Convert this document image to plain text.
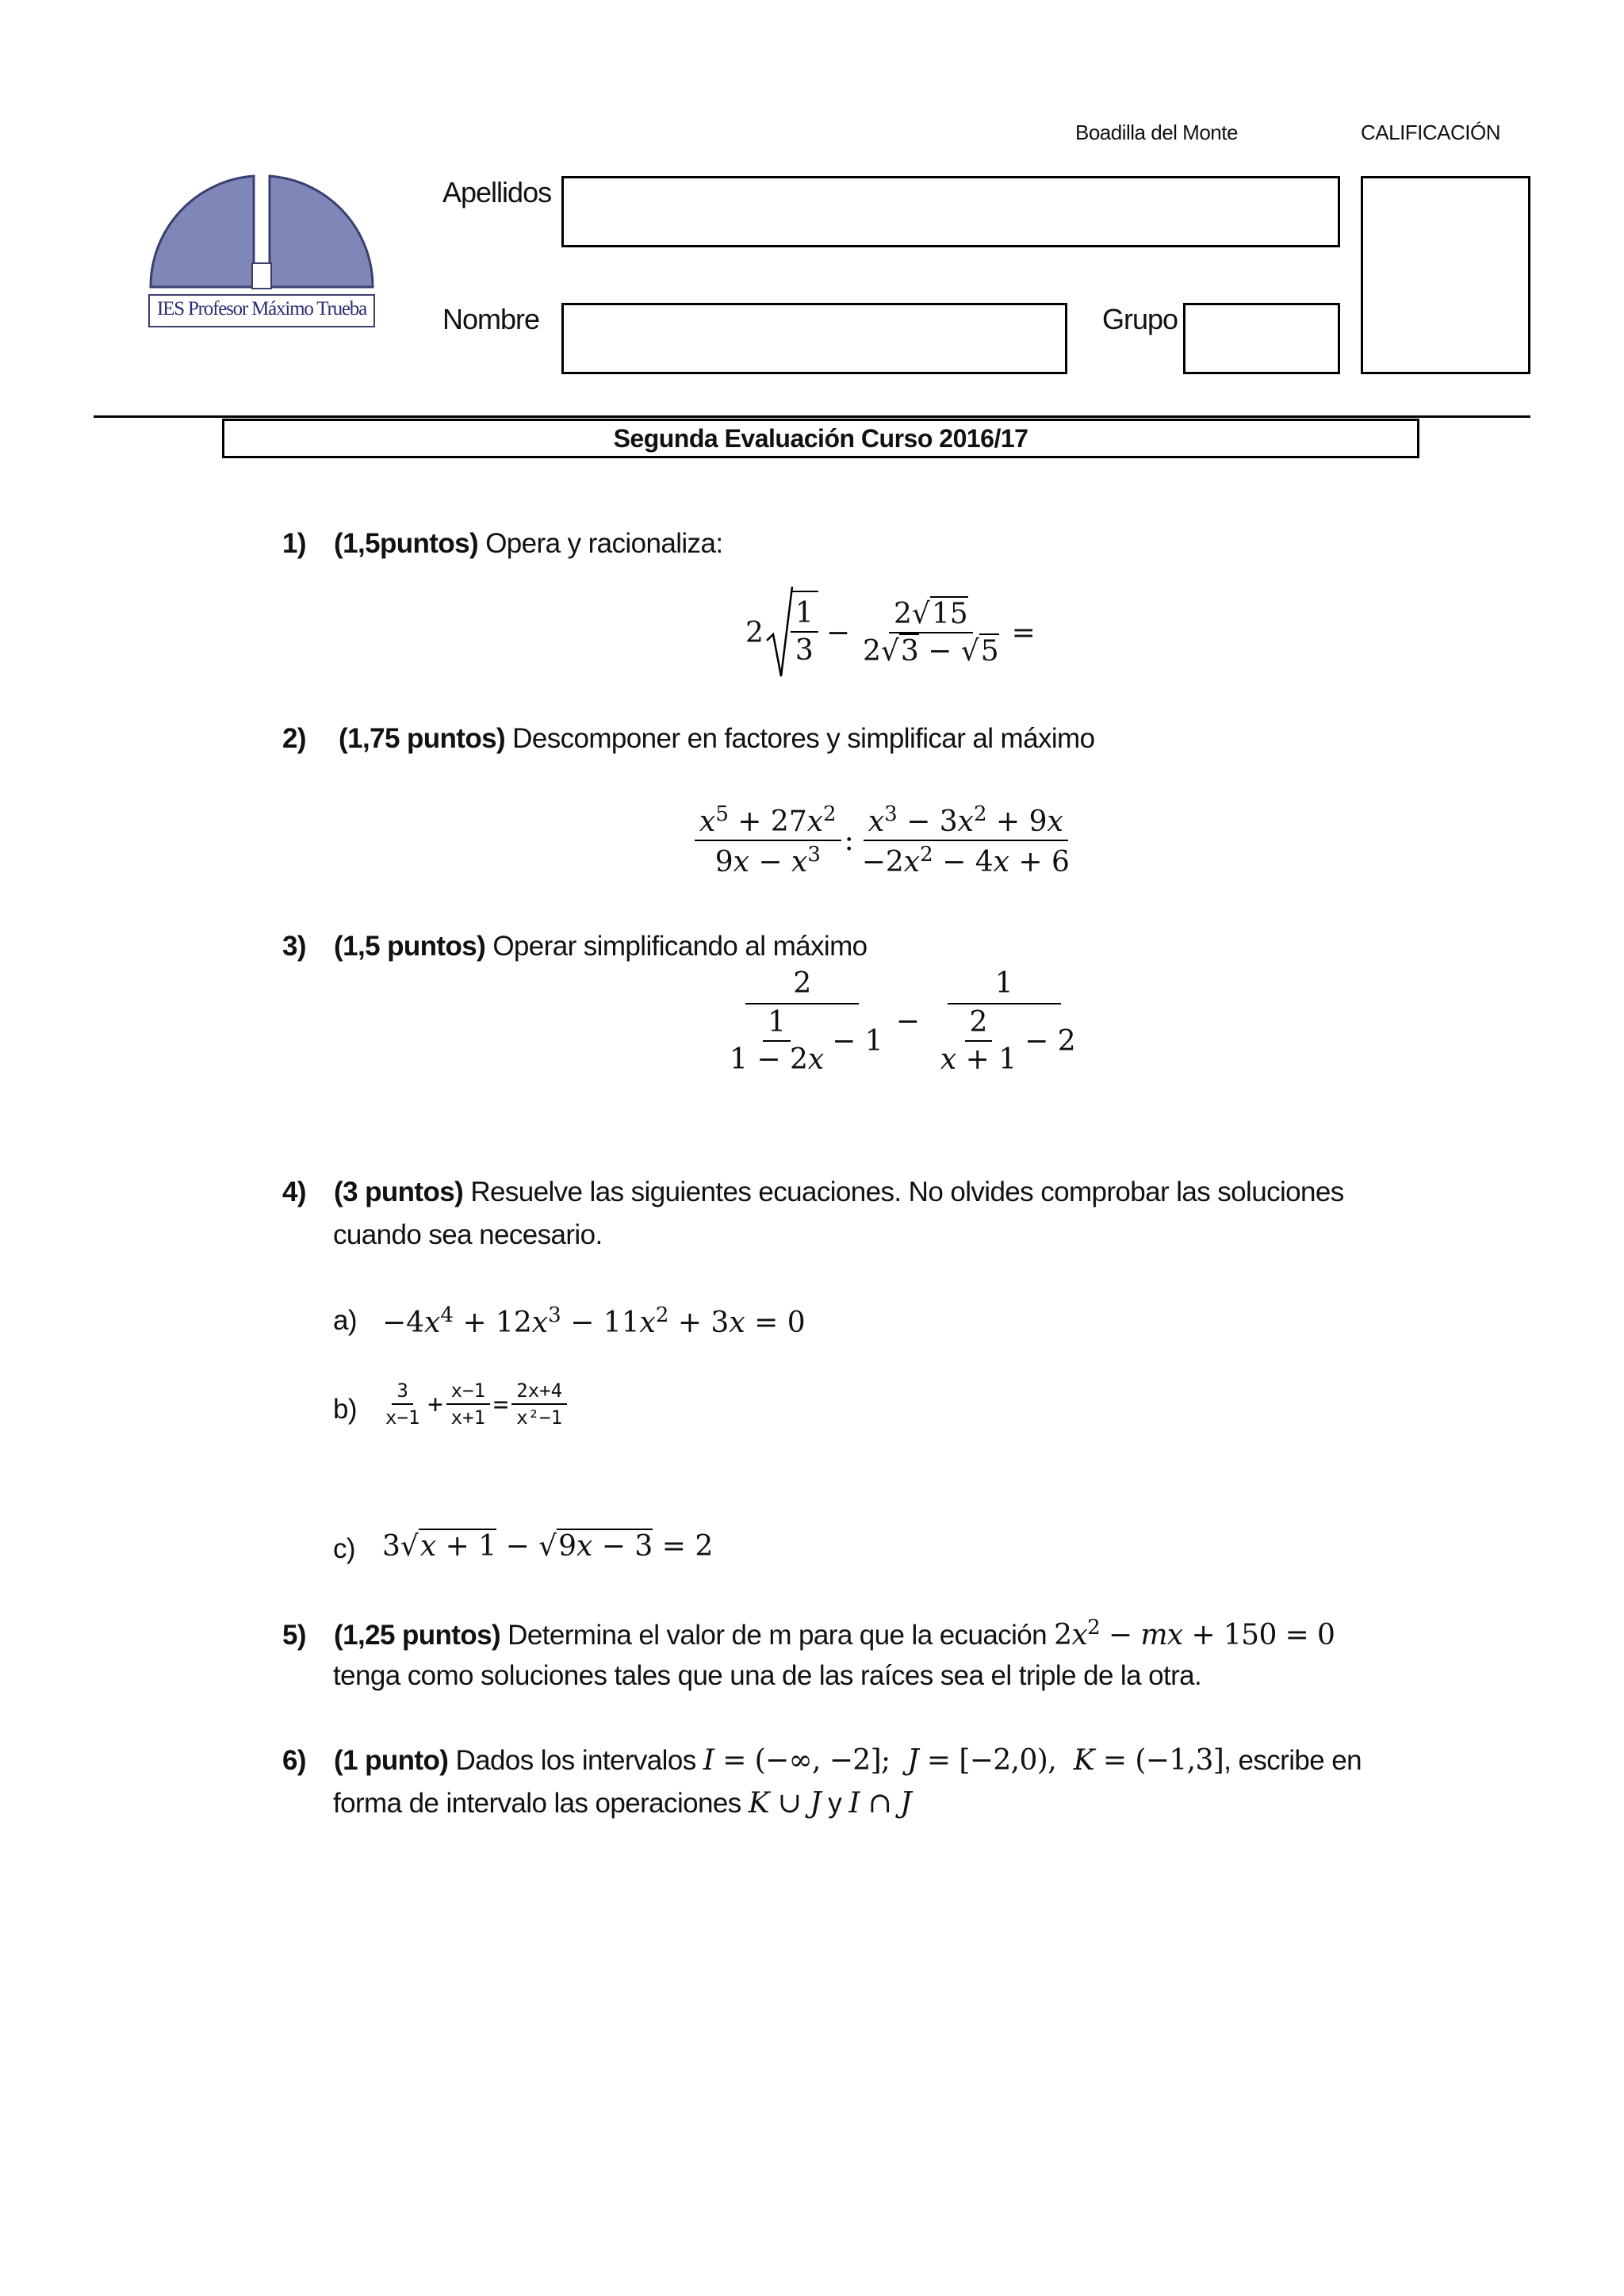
IES Profesor Máximo Trueba
Boadilla del Monte	CALIFICACIÓN
Apellidos
Nombre	Grupo
Segunda Evaluación Curso 2016/17
1) (1,5puntos) Opera y racionaliza:
$2 \frac{1}{3} - \frac{2√15}{2√3 - √5}$ =
2) (1,75 puntos) Descomponer en factores y simplificar al máximo
$\frac{x^5 + 27x^2}{9x - x^3}$ : $\frac{x^3 - 3x^2 + 9x}{-2x^2 - 4x + 6}$
3) (1,5 puntos) Operar simplificando al máximo
$\frac{2}{\frac{1}{1 - 2x} - 1} - \frac{1}{\frac{2}{x + 1} - 2}$
4) (3 puntos) Resuelve las siguientes ecuaciones. No olvides comprobar las soluciones
cuando sea necesario.
$a) -4x^4 + 12x^3 - 11x^2 + 3x = 0$
$b) \frac{3}{x-1} + \frac{x-1}{x+1} = \frac{2x+4}{\text{x²−1}}$
c) 3√x + 1 − √9x − 3 = 2
5) (1,25 puntos) Determina el valor de m para que la ecuación $2x^2$ − mx + 150 = 0
tenga como soluciones tales que una de las raíces sea el triple de la otra.
6) (1 punto) Dados los intervalos I = (−∞, −2]; J = [−2,0), K = (−1,3], escribe en
forma de intervalo las operaciones K ∪ J y I ∩ J
